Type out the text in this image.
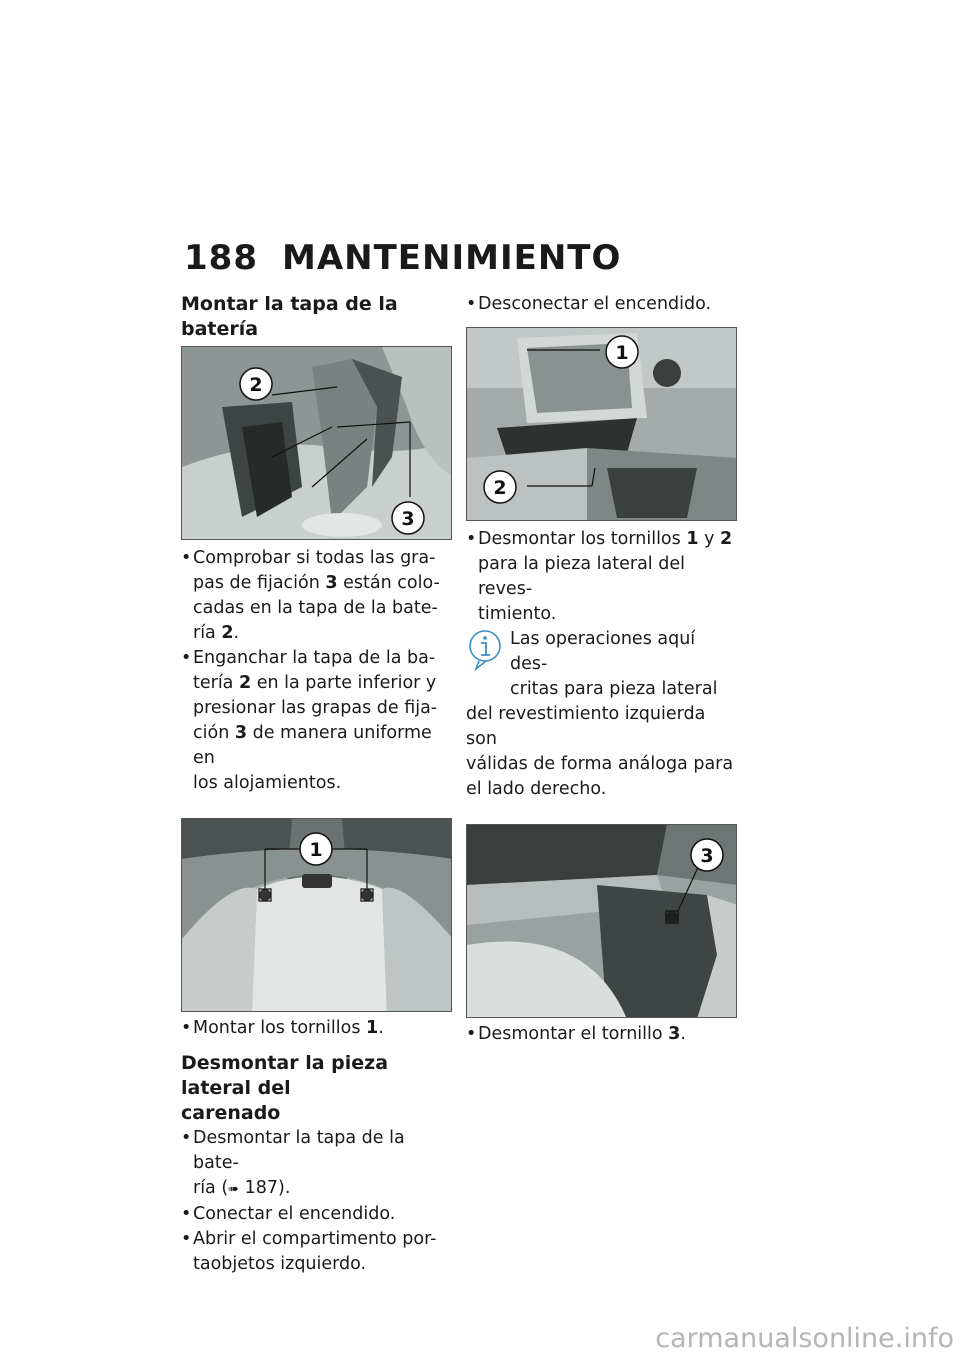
188 MANTENIMIENTO
Montar la tapa de la batería
2
3
• Comprobar si todas las gra-
pas de fijación 3 están colo-
cadas en la tapa de la bate-
ría 2.
• Enganchar la tapa de la ba-
tería 2 en la parte inferior y
presionar las grapas de fija-
ción 3 de manera uniforme en
los alojamientos.
1
• Montar los tornillos 1.
Desmontar la pieza lateral del
carenado
• Desmontar la tapa de la bate-
ría (➠ 187).
• Conectar el encendido.
• Abrir el compartimento por-
taobjetos izquierdo.
• Desconectar el encendido.
1
2
• Desmontar los tornillos 1 y 2
para la pieza lateral del reves-
timiento.
Las operaciones aquí des-
critas para pieza lateral
del revestimiento izquierda son
válidas de forma análoga para
el lado derecho.
3
• Desmontar el tornillo 3.
carmanualsonline.info
